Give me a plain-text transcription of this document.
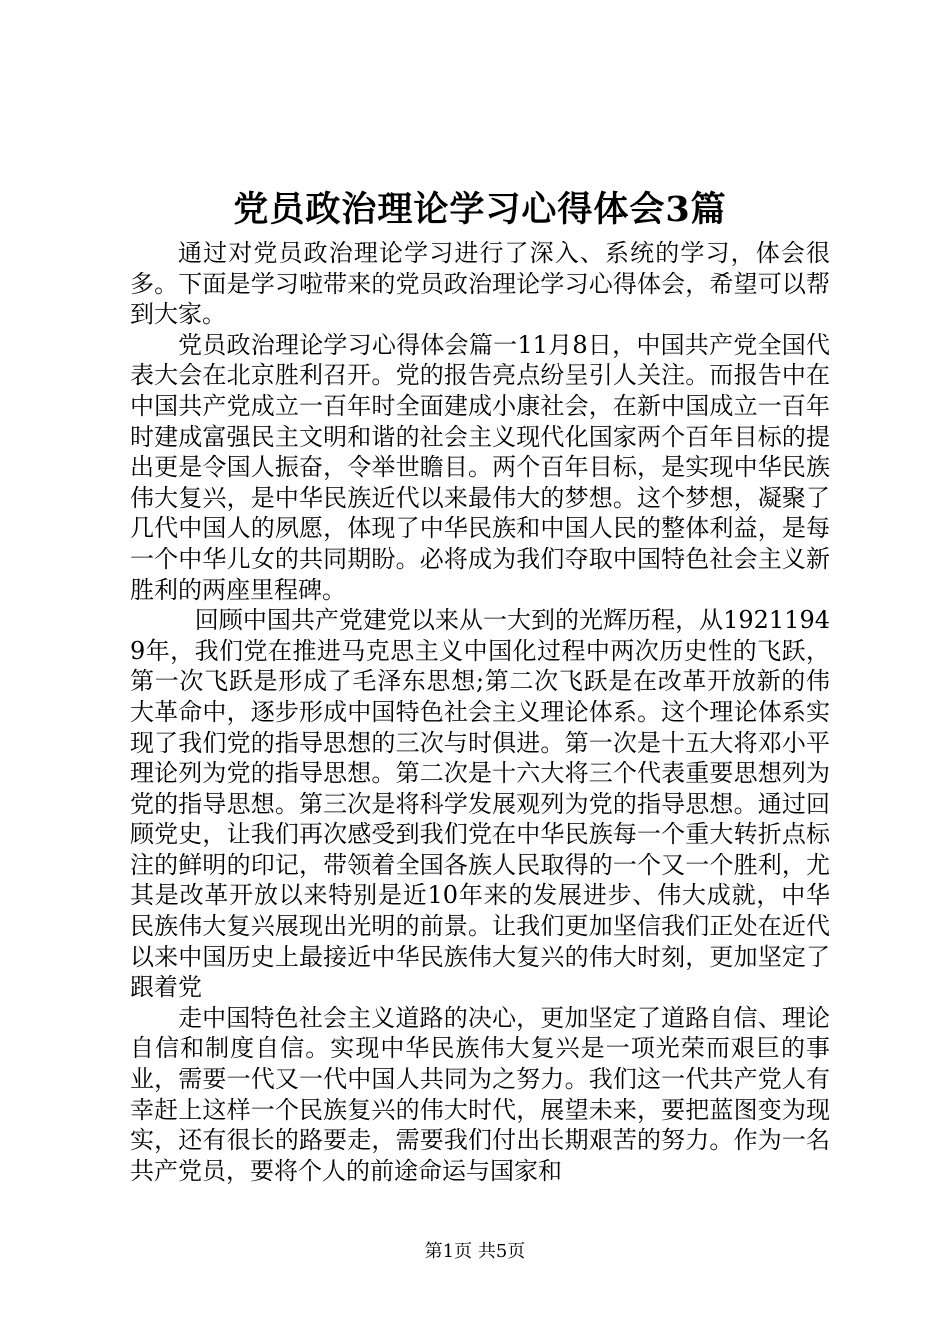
党员政治理论学习心得体会3篇

通过对党员政治理论学习进行了深入、系统的学习，体会很多。下面是学习啦带来的党员政治理论学习心得体会，希望可以帮到大家。

党员政治理论学习心得体会篇一11月8日，中国共产党全国代表大会在北京胜利召开。党的报告亮点纷呈引人关注。而报告中在中国共产党成立一百年时全面建成小康社会，在新中国成立一百年时建成富强民主文明和谐的社会主义现代化国家两个百年目标的提出更是令国人振奋，令举世瞻目。两个百年目标，是实现中华民族伟大复兴，是中华民族近代以来最伟大的梦想。这个梦想，凝聚了几代中国人的夙愿，体现了中华民族和中国人民的整体利益，是每一个中华儿女的共同期盼。必将成为我们夺取中国特色社会主义新胜利的两座里程碑。

回顾中国共产党建党以来从一大到的光辉历程，从19211949年，我们党在推进马克思主义中国化过程中两次历史性的飞跃，第一次飞跃是形成了毛泽东思想;第二次飞跃是在改革开放新的伟大革命中，逐步形成中国特色社会主义理论体系。这个理论体系实现了我们党的指导思想的三次与时俱进。第一次是十五大将邓小平理论列为党的指导思想。第二次是十六大将三个代表重要思想列为党的指导思想。第三次是将科学发展观列为党的指导思想。通过回顾党史，让我们再次感受到我们党在中华民族每一个重大转折点标注的鲜明的印记，带领着全国各族人民取得的一个又一个胜利，尤其是改革开放以来特别是近10年来的发展进步、伟大成就，中华民族伟大复兴展现出光明的前景。让我们更加坚信我们正处在近代以来中国历史上最接近中华民族伟大复兴的伟大时刻，更加坚定了跟着党

走中国特色社会主义道路的决心，更加坚定了道路自信、理论自信和制度自信。实现中华民族伟大复兴是一项光荣而艰巨的事业，需要一代又一代中国人共同为之努力。我们这一代共产党人有幸赶上这样一个民族复兴的伟大时代，展望未来，要把蓝图变为现实，还有很长的路要走，需要我们付出长期艰苦的努力。作为一名共产党员，要将个人的前途命运与国家和

第1页 共5页
